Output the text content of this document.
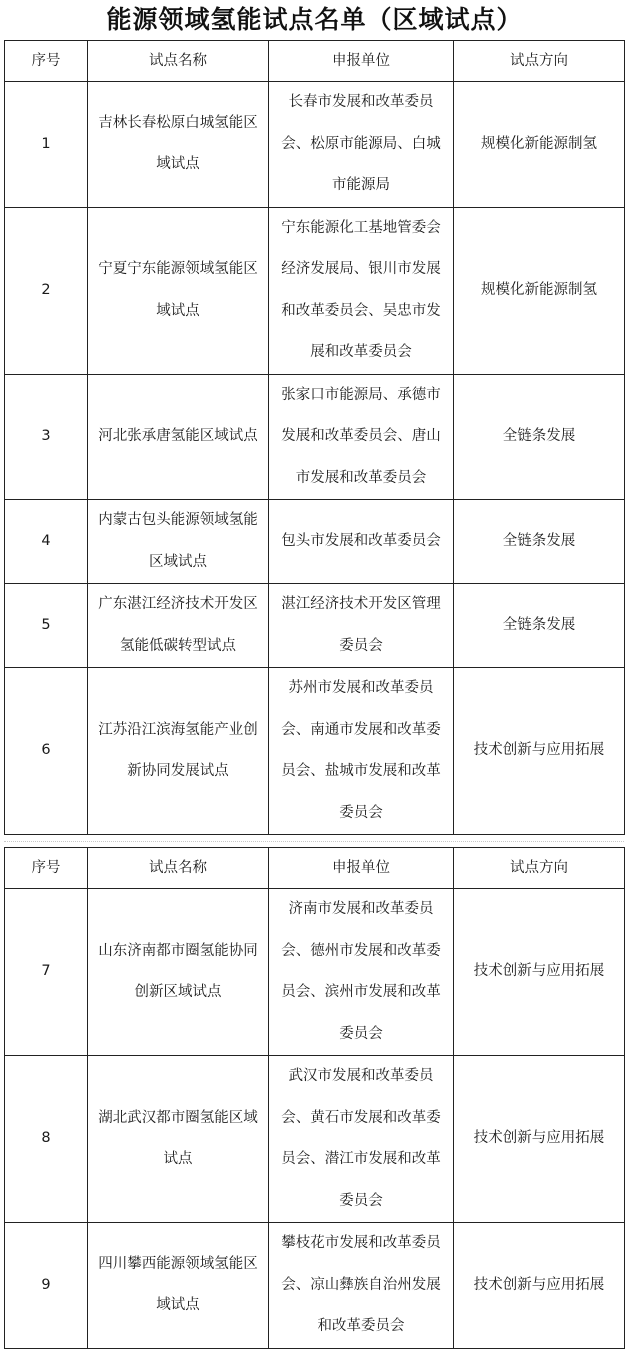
能源领域氢能试点名单（区域试点）
序号	试点名称	申报单位	试点方向
1	吉林长春松原白城氢能区域试点	长春市发展和改革委员会、松原市能源局、白城市能源局	规模化新能源制氢
2	宁夏宁东能源领域氢能区域试点	宁东能源化工基地管委会经济发展局、银川市发展和改革委员会、吴忠市发展和改革委员会	规模化新能源制氢
3	河北张承唐氢能区域试点	张家口市能源局、承德市发展和改革委员会、唐山市发展和改革委员会	全链条发展
4	内蒙古包头能源领域氢能区域试点	包头市发展和改革委员会	全链条发展
5	广东湛江经济技术开发区氢能低碳转型试点	湛江经济技术开发区管理委员会	全链条发展
6	江苏沿江滨海氢能产业创新协同发展试点	苏州市发展和改革委员会、南通市发展和改革委员会、盐城市发展和改革委员会	技术创新与应用拓展
序号	试点名称	申报单位	试点方向
7	山东济南都市圈氢能协同创新区域试点	济南市发展和改革委员会、德州市发展和改革委员会、滨州市发展和改革委员会	技术创新与应用拓展
8	湖北武汉都市圈氢能区域试点	武汉市发展和改革委员会、黄石市发展和改革委员会、潜江市发展和改革委员会	技术创新与应用拓展
9	四川攀西能源领域氢能区域试点	攀枝花市发展和改革委员会、凉山彝族自治州发展和改革委员会	技术创新与应用拓展
